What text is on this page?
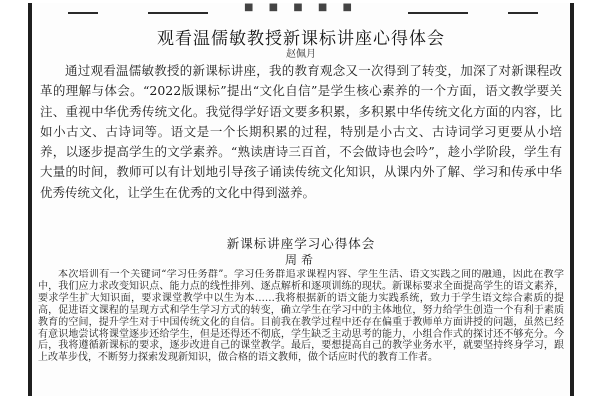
■ ■ ■ ■ ■
观看温儒敏教授新课标讲座心得体会
赵佩月

通过观看温儒敏教授的新课标讲座，我的教育观念又一次得到了转变，加深了对新课程改革的理解与体会。“2022版课标”提出“文化自信”是学生核心素养的一个方面，语文教学要关注、重视中华优秀传统文化。我觉得学好语文要多积累，多积累中华传统文化方面的内容，比如小古文、古诗词等。语文是一个长期积累的过程，特别是小古文、古诗词学习更要从小培养，以逐步提高学生的文学素养。“熟读唐诗三百首，不会做诗也会吟”，趁小学阶段，学生有大量的时间，教师可以有计划地引导孩子诵读传统文化知识，从课内外了解、学习和传承中华优秀传统文化，让学生在优秀的文化中得到滋养。

新课标讲座学习心得体会
周希

本次培训有一个关键词“学习任务群”。学习任务群追求课程内容、学生生活、语文实践之间的融通，因此在教学中，我们应力求改变知识点、能力点的线性排列、逐点解析和逐项训练的现状。新课标要求全面提高学生的语文素养，要求学生扩大知识面，要求课堂教学中以生为本……我将根据新的语文能力实践系统，致力于学生语文综合素质的提高，促进语文课程的呈现方式和学生学习方式的转变，确立学生在学习中的主体地位，努力给学生创造一个有利于素质教育的空间，提升学生对于中国传统文化的自信。目前我在教学过程中还存在偏重于教师单方面讲授的问题，虽然已经有意识地尝试将课堂逐步还给学生，但是还得还不彻底，学生缺乏主动思考的能力，小组合作式的探讨还不够充分。今后，我将遵循新课标的要求，逐步改进自己的课堂教学。最后，要想提高自己的教学业务水平，就要坚持终身学习，跟上改革步伐，不断努力探索发现新知识，做合格的语文教师，做个话应时代的教育工作者。
